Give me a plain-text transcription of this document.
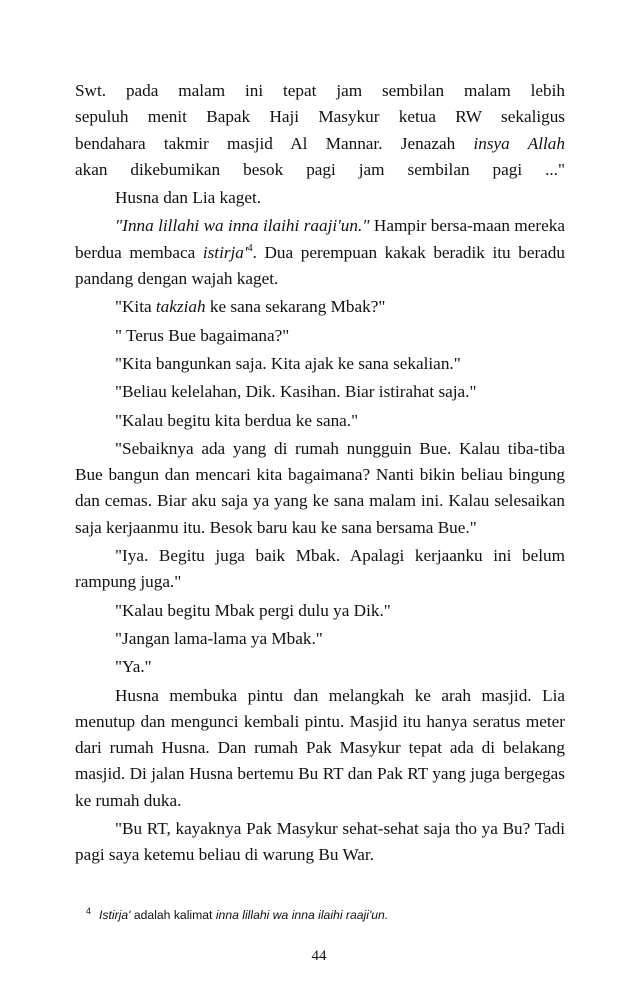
Swt. pada malam ini tepat jam sembilan malam lebih
sepuluh menit Bapak Haji Masykur ketua RW sekaligus
bendahara takmir masjid Al Mannar. Jenazah insya Allah
akan dikebumikan besok pagi jam sembilan pagi ..."

Husna dan Lia kaget.

"Inna lillahi wa inna ilaihi raaji'un." Hampir bersa-maan mereka berdua membaca $istirja'^4$. Dua perempuan kakak beradik itu beradu pandang dengan wajah kaget.

"Kita takziah ke sana sekarang Mbak?"

" Terus Bue bagaimana?"

"Kita bangunkan saja. Kita ajak ke sana sekalian."

"Beliau kelelahan, Dik. Kasihan. Biar istirahat saja."

"Kalau begitu kita berdua ke sana."

"Sebaiknya ada yang di rumah nungguin Bue. Kalau tiba-tiba Bue bangun dan mencari kita bagaimana? Nanti bikin beliau bingung dan cemas. Biar aku saja ya yang ke sana malam ini. Kalau selesaikan saja kerjaanmu itu. Besok baru kau ke sana bersama Bue."

"Iya. Begitu juga baik Mbak. Apalagi kerjaanku ini belum rampung juga."

"Kalau begitu Mbak pergi dulu ya Dik."

"Jangan lama-lama ya Mbak."

"Ya."

Husna membuka pintu dan melangkah ke arah masjid. Lia menutup dan mengunci kembali pintu. Masjid itu hanya seratus meter dari rumah Husna. Dan rumah Pak Masykur tepat ada di belakang masjid. Di jalan Husna bertemu Bu RT dan Pak RT yang juga bergegas ke rumah duka.

"Bu RT, kayaknya Pak Masykur sehat-sehat saja tho ya Bu? Tadi pagi saya ketemu beliau di warung Bu War.

$^4$ Istirja' adalah kalimat inna lillahi wa inna ilaihi raaji'un.
44
